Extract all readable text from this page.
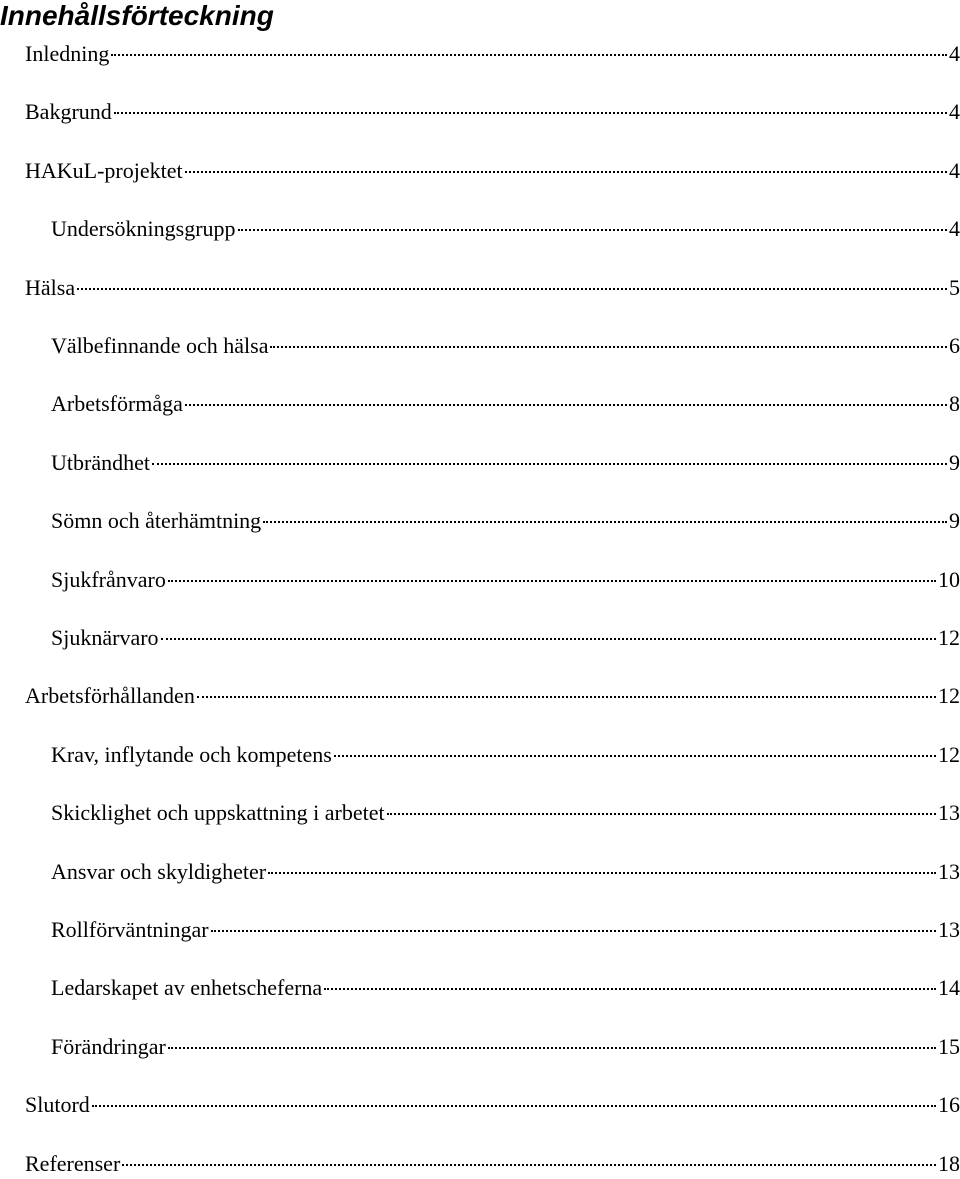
Innehållsförteckning
Inledning	4
Bakgrund	4
HAKuL-projektet	4
Undersökningsgrupp	4
Hälsa	5
Välbefinnande och hälsa	6
Arbetsförmåga	8
Utbrändhet	9
Sömn och återhämtning	9
Sjukfrånvaro	10
Sjuknärvaro	12
Arbetsförhållanden	12
Krav, inflytande och kompetens	12
Skicklighet och uppskattning i arbetet	13
Ansvar och skyldigheter	13
Rollförväntningar	13
Ledarskapet av enhetscheferna	14
Förändringar	15
Slutord	16
Referenser	18
